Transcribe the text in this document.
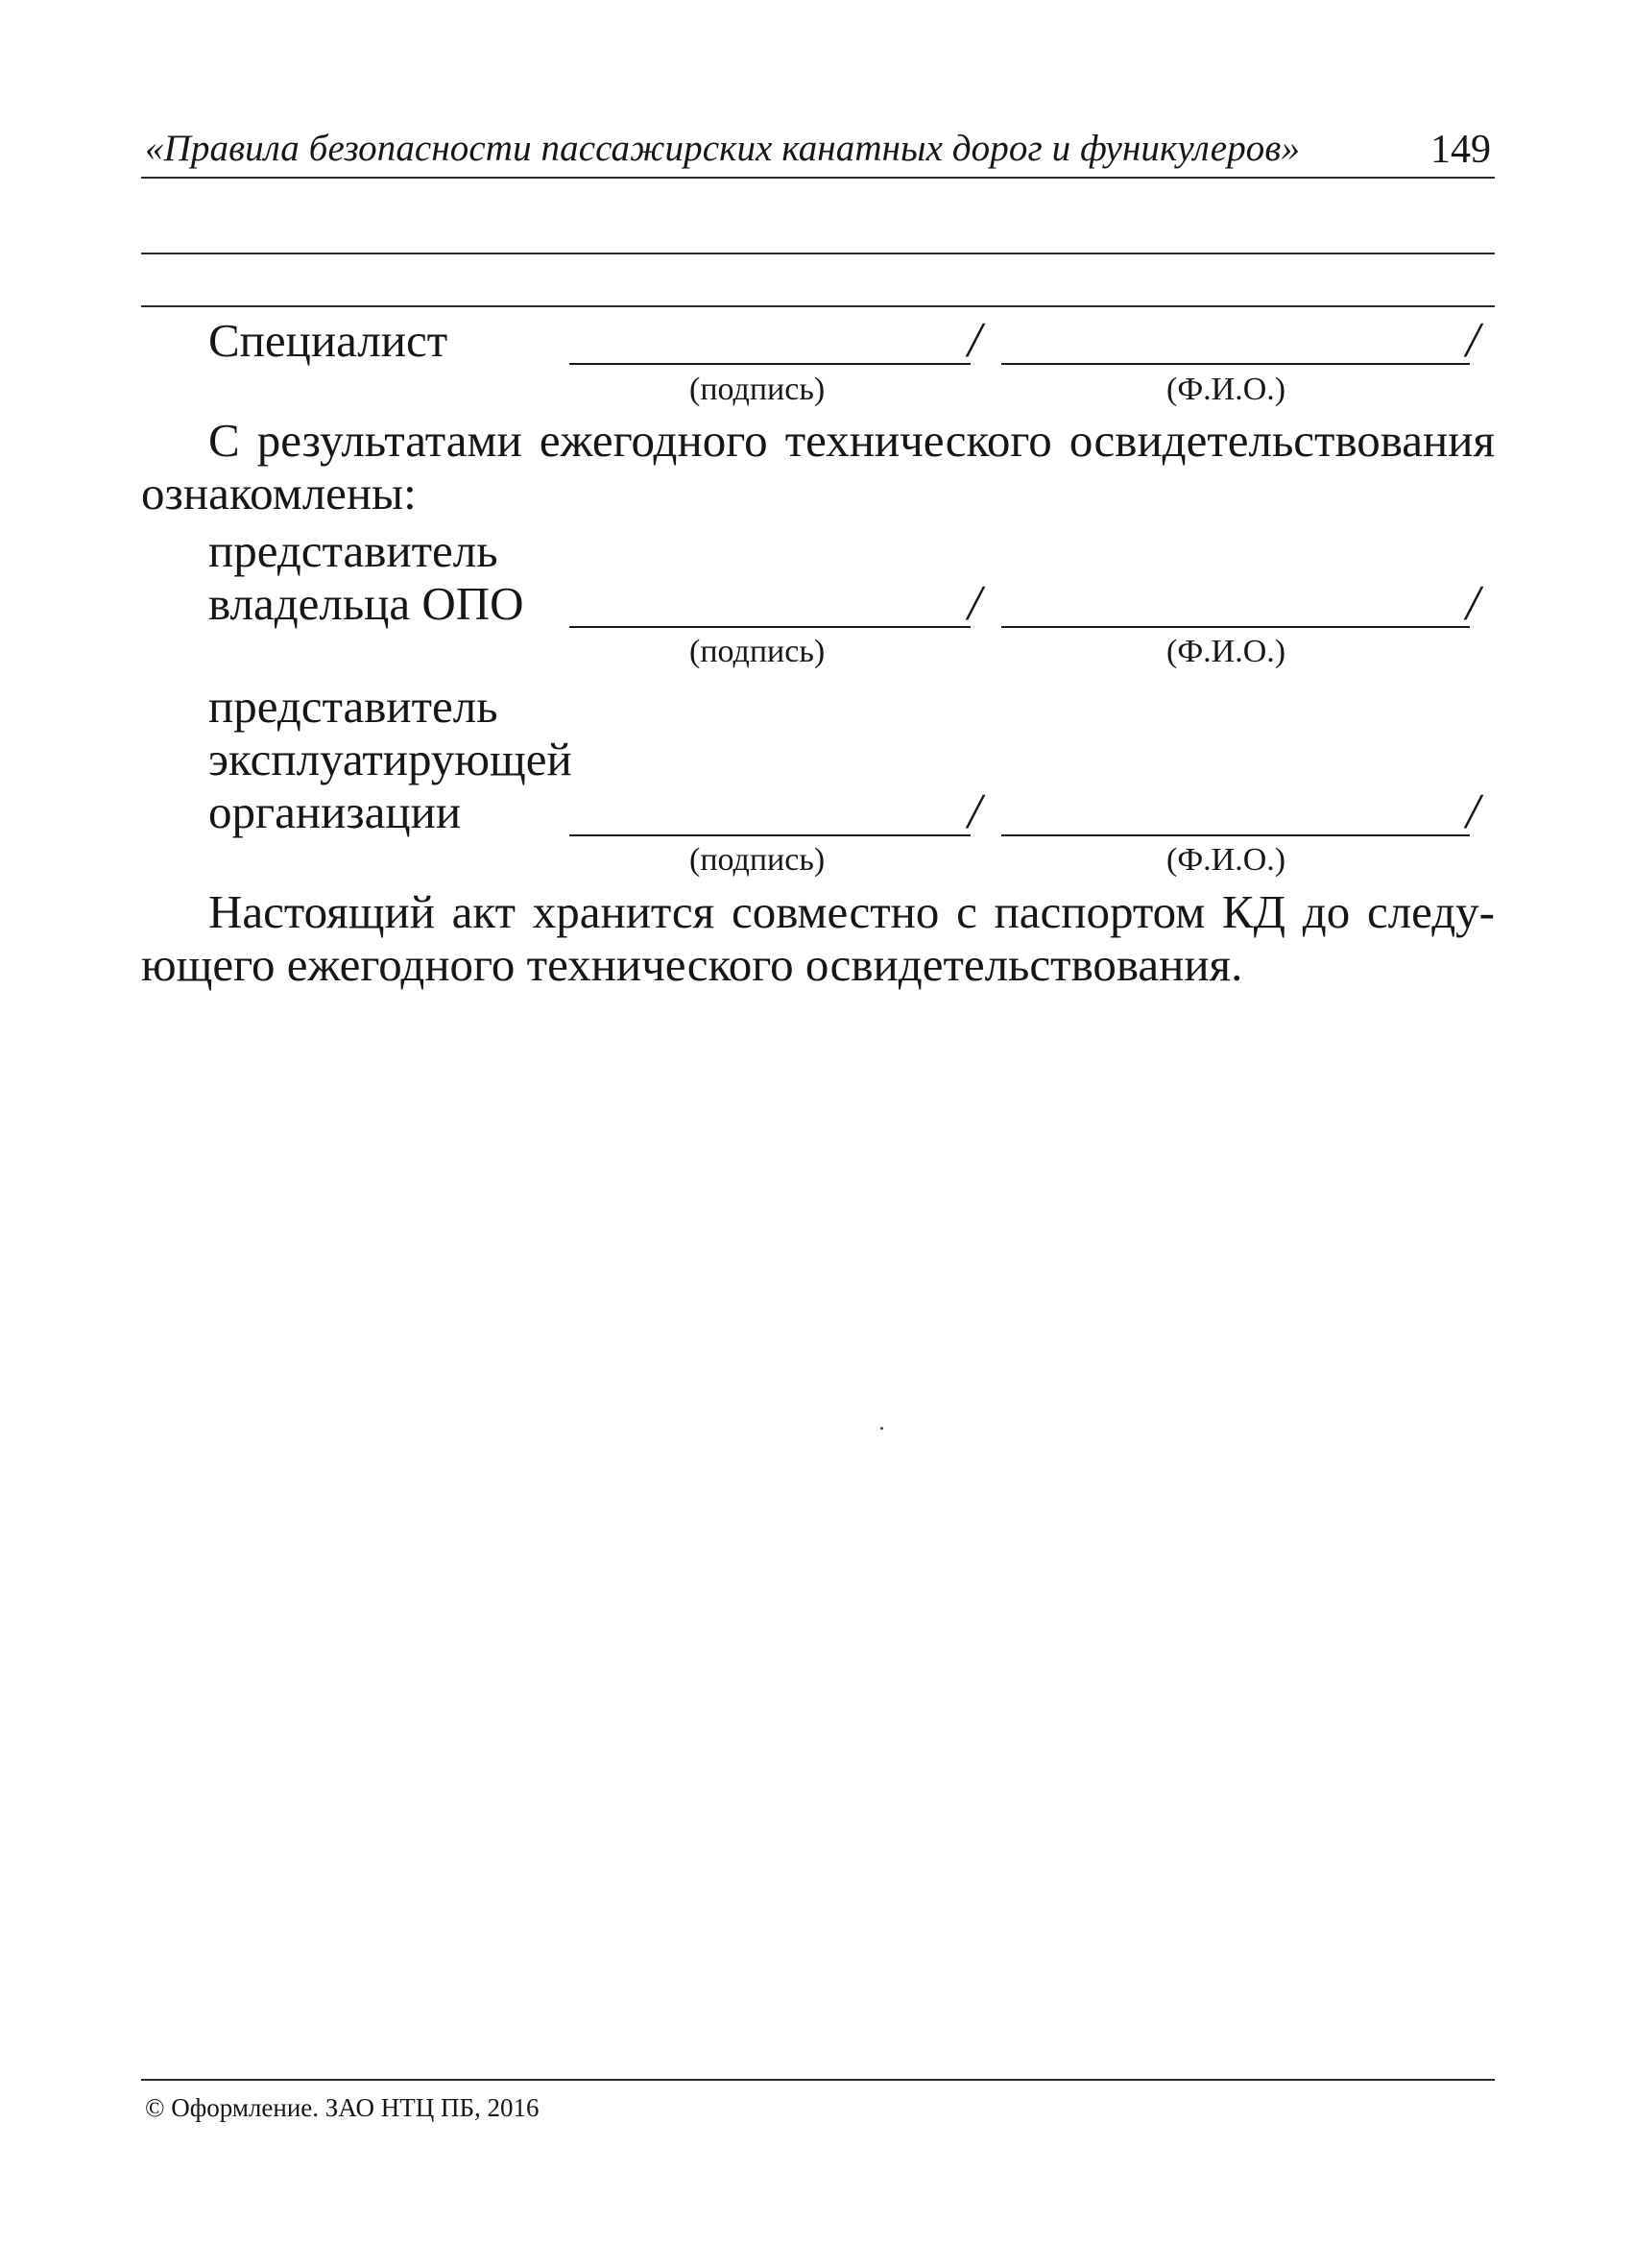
«Правила безопасности пассажирских канатных дорог и фуникулеров»	149
Специалист	/	/
(подпись)	(Ф.И.О.)
С результатами ежегодного технического освидетельствования
ознакомлены:
представитель
владельца ОПО	/	/
(подпись)	(Ф.И.О.)
представитель
эксплуатирующей
организации	/	/
(подпись)	(Ф.И.О.)
Настоящий акт хранится совместно с паспортом КД до следу-
ющего ежегодного технического освидетельствования.
© Оформление. ЗАО НТЦ ПБ, 2016
